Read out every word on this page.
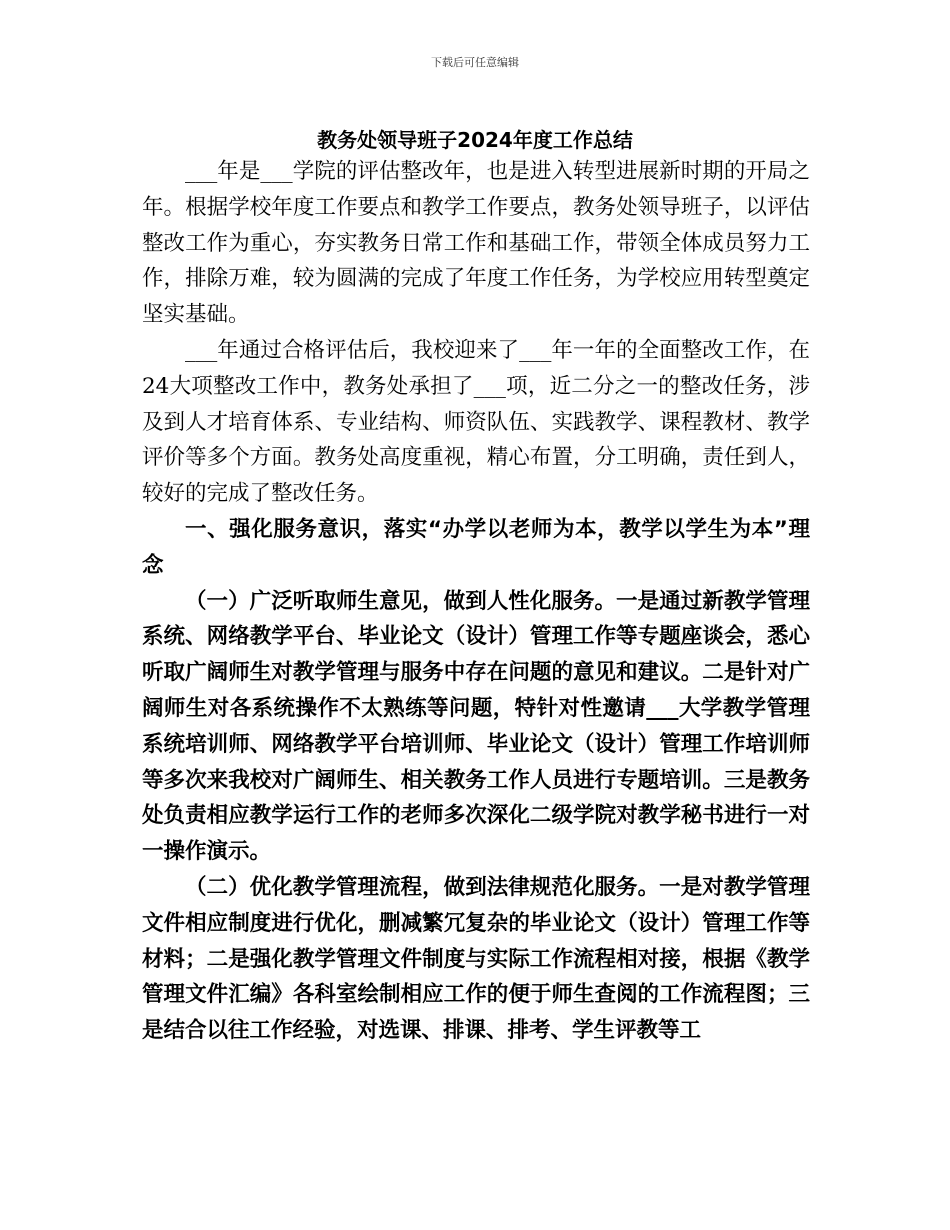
下载后可任意编辑
教务处领导班子2024年度工作总结

___年是___学院的评估整改年，也是进入转型进展新时期的开局之年。根据学校年度工作要点和教学工作要点，教务处领导班子，以评估整改工作为重心，夯实教务日常工作和基础工作，带领全体成员努力工作，排除万难，较为圆满的完成了年度工作任务，为学校应用转型奠定坚实基础。

___年通过合格评估后，我校迎来了___年一年的全面整改工作，在24大项整改工作中，教务处承担了___项，近二分之一的整改任务，涉及到人才培育体系、专业结构、师资队伍、实践教学、课程教材、教学评价等多个方面。教务处高度重视，精心布置，分工明确，责任到人，较好的完成了整改任务。

一、强化服务意识，落实“办学以老师为本，教学以学生为本”理念

（一）广泛听取师生意见，做到人性化服务。一是通过新教学管理系统、网络教学平台、毕业论文（设计）管理工作等专题座谈会，悉心听取广阔师生对教学管理与服务中存在问题的意见和建议。二是针对广阔师生对各系统操作不太熟练等问题，特针对性邀请___大学教学管理系统培训师、网络教学平台培训师、毕业论文（设计）管理工作培训师等多次来我校对广阔师生、相关教务工作人员进行专题培训。三是教务处负责相应教学运行工作的老师多次深化二级学院对教学秘书进行一对一操作演示。

（二）优化教学管理流程，做到法律规范化服务。一是对教学管理文件相应制度进行优化，删减繁冗复杂的毕业论文（设计）管理工作等材料；二是强化教学管理文件制度与实际工作流程相对接，根据《教学管理文件汇编》各科室绘制相应工作的便于师生查阅的工作流程图；三是结合以往工作经验，对选课、排课、排考、学生评教等工
